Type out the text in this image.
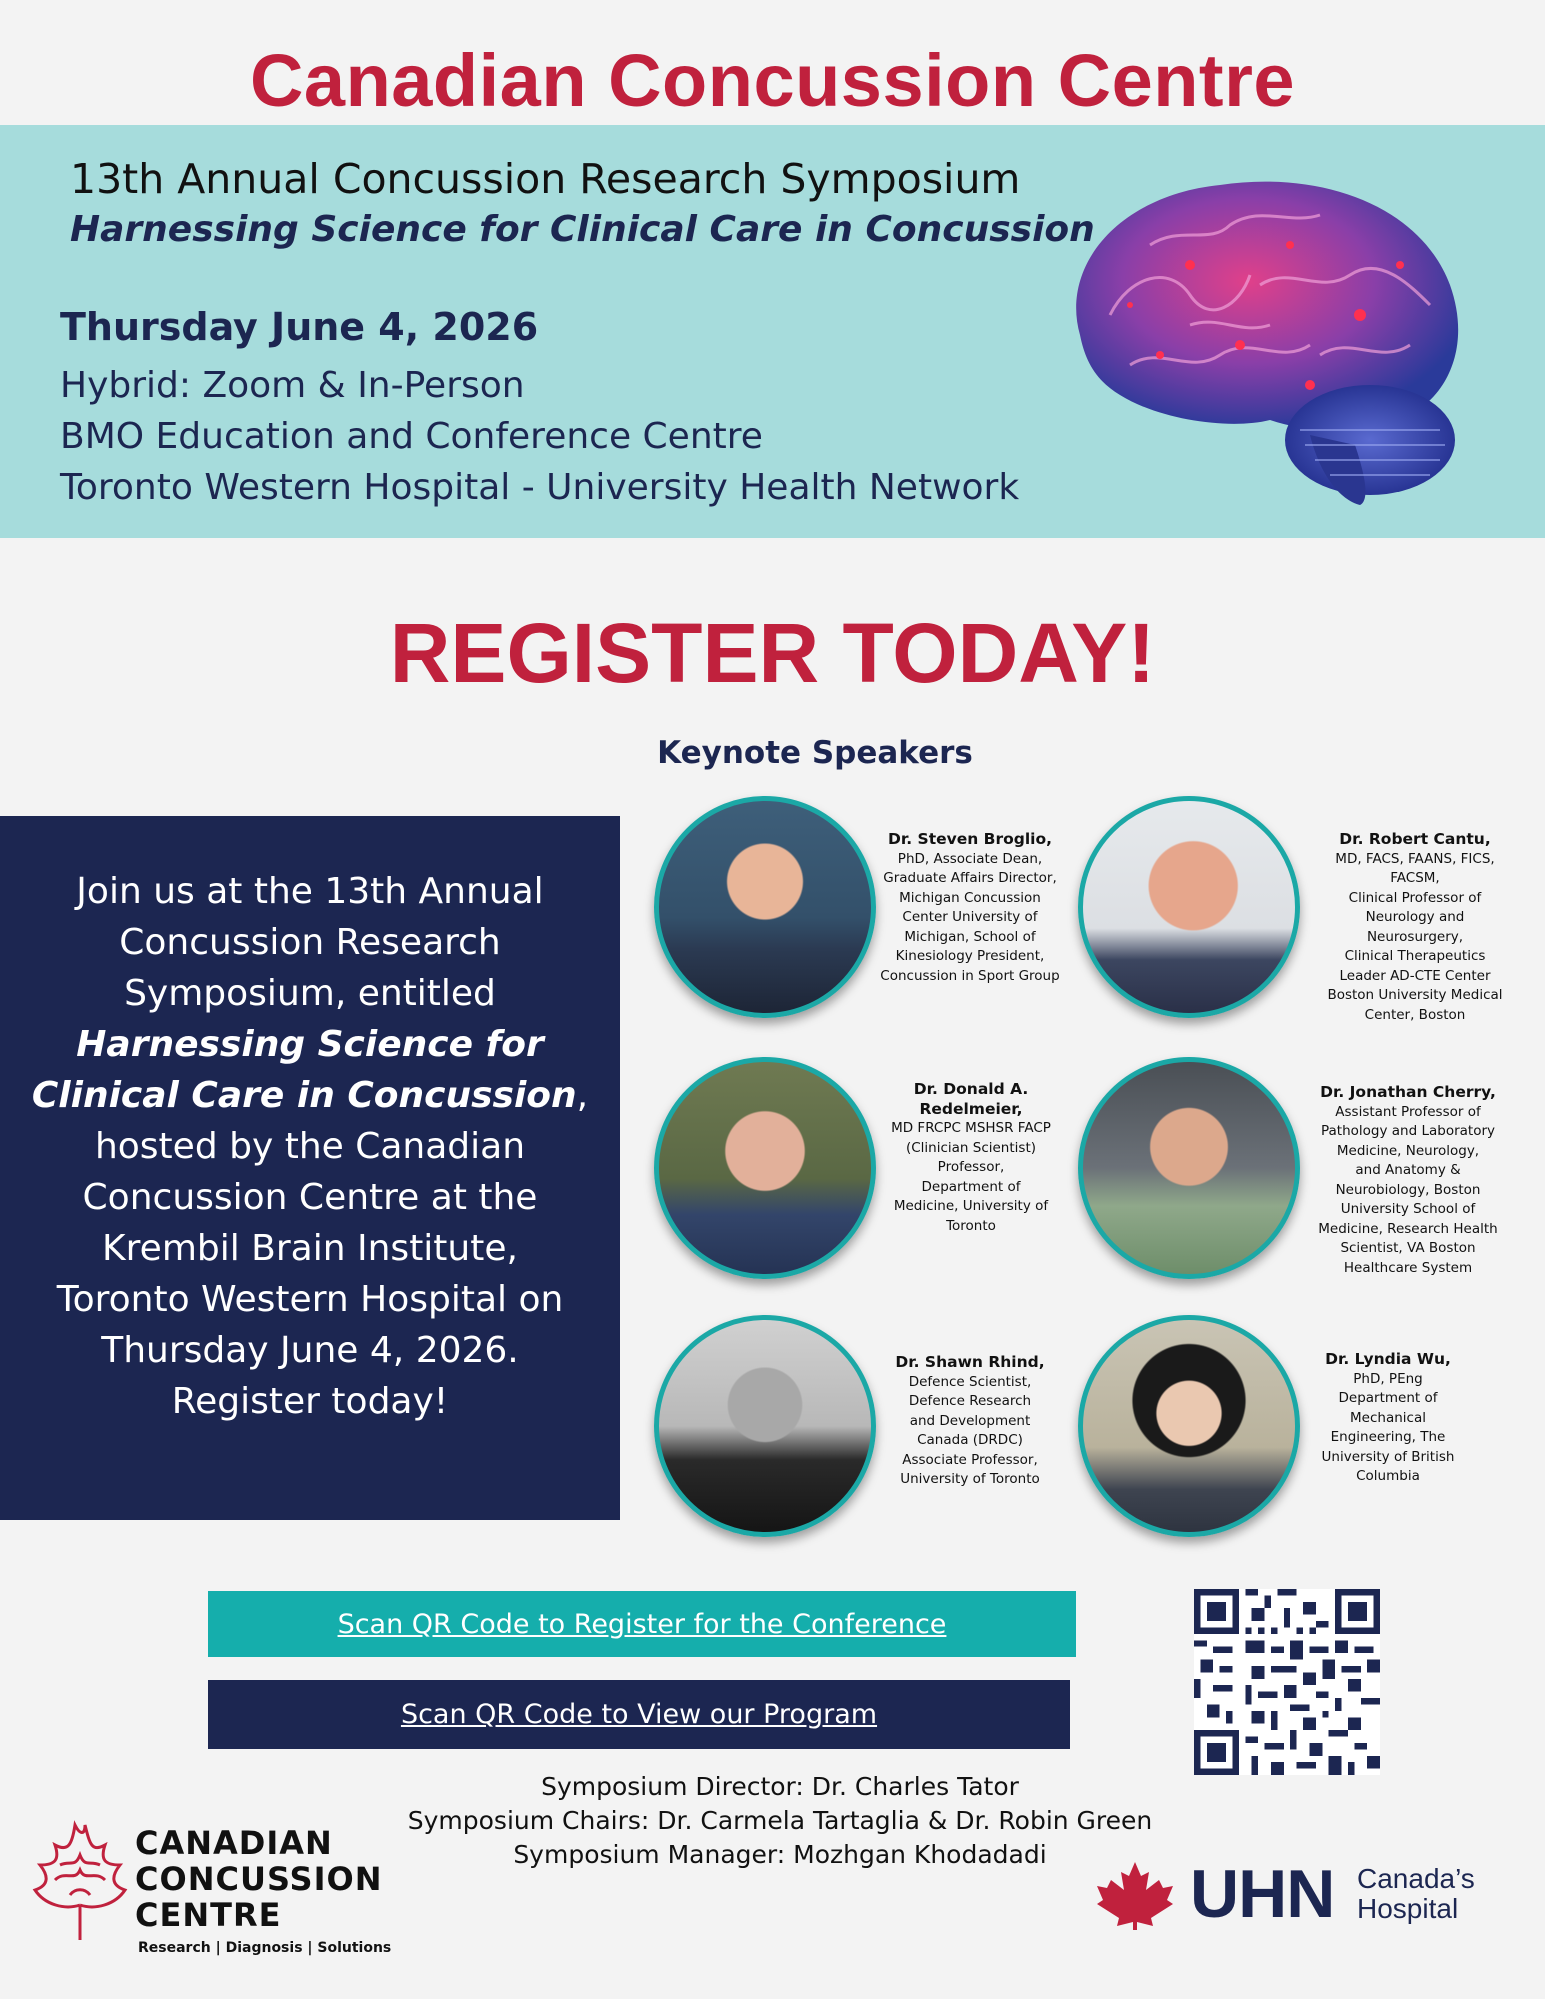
Canadian Concussion Centre
13th Annual Concussion Research Symposium
Harnessing Science for Clinical Care in Concussion
Thursday June 4, 2026
Hybrid: Zoom & In-Person
BMO Education and Conference Centre
Toronto Western Hospital - University Health Network
REGISTER TODAY!
Keynote Speakers
Join us at the 13th Annual Concussion Research Symposium, entitled Harnessing Science for Clinical Care in Concussion, hosted by the Canadian Concussion Centre at the Krembil Brain Institute, Toronto Western Hospital on Thursday June 4, 2026. Register today!
Dr. Steven Broglio,
PhD, Associate Dean,
Graduate Affairs Director,
Michigan Concussion
Center University of
Michigan, School of
Kinesiology President,
Concussion in Sport Group
Dr. Robert Cantu,
MD, FACS, FAANS, FICS,
FACSM,
Clinical Professor of
Neurology and
Neurosurgery,
Clinical Therapeutics
Leader AD-CTE Center
Boston University Medical
Center, Boston
Dr. Donald A. Redelmeier,
MD FRCPC MSHSR FACP
(Clinician Scientist)
Professor,
Department of
Medicine, University of
Toronto
Dr. Jonathan Cherry,
Assistant Professor of
Pathology and Laboratory
Medicine, Neurology,
and Anatomy &
Neurobiology, Boston
University School of
Medicine, Research Health
Scientist, VA Boston
Healthcare System
Dr. Shawn Rhind,
Defence Scientist,
Defence Research
and Development
Canada (DRDC)
Associate Professor,
University of Toronto
Dr. Lyndia Wu,
PhD, PEng
Department of
Mechanical
Engineering, The
University of British
Columbia
Scan QR Code to Register for the Conference
Scan QR Code to View our Program
Symposium Director: Dr. Charles Tator
Symposium Chairs: Dr. Carmela Tartaglia & Dr. Robin Green
Symposium Manager: Mozhgan Khodadadi
CANADIAN
CONCUSSION
CENTRE
Research | Diagnosis | Solutions
UHN Canada’s
Hospital
